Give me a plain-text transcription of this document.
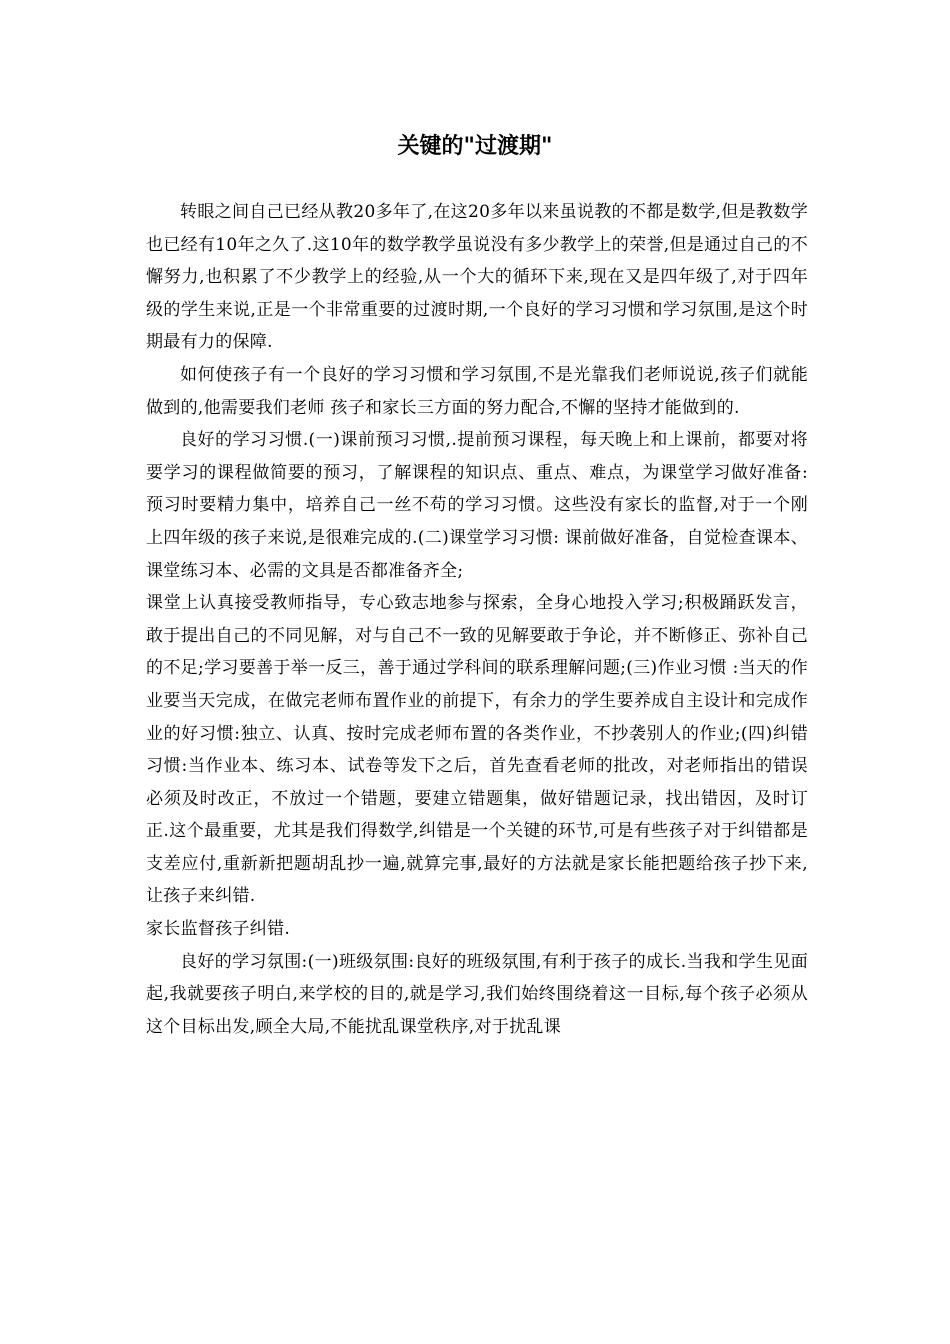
关键的"过渡期"

转眼之间自己已经从教20多年了,在这20多年以来虽说教的不都是数学,但是教数学也已经有10年之久了.这10年的数学教学虽说没有多少教学上的荣誉,但是通过自己的不懈努力,也积累了不少教学上的经验,从一个大的循环下来,现在又是四年级了,对于四年级的学生来说,正是一个非常重要的过渡时期,一个良好的学习习惯和学习氛围,是这个时期最有力的保障.

如何使孩子有一个良好的学习习惯和学习氛围,不是光靠我们老师说说,孩子们就能做到的,他需要我们老师 孩子和家长三方面的努力配合,不懈的坚持才能做到的.

良好的学习习惯.(一)课前预习习惯,.提前预习课程，每天晚上和上课前，都要对将要学习的课程做简要的预习，了解课程的知识点、重点、难点，为课堂学习做好准备:预习时要精力集中，培养自己一丝不苟的学习习惯。这些没有家长的监督,对于一个刚上四年级的孩子来说,是很难完成的.(二)课堂学习习惯: 课前做好准备，自觉检查课本、课堂练习本、必需的文具是否都准备齐全;

课堂上认真接受教师指导，专心致志地参与探索，全身心地投入学习;积极踊跃发言，敢于提出自己的不同见解，对与自己不一致的见解要敢于争论，并不断修正、弥补自己的不足;学习要善于举一反三，善于通过学科间的联系理解问题;(三)作业习惯 :当天的作业要当天完成，在做完老师布置作业的前提下，有余力的学生要养成自主设计和完成作业的好习惯:独立、认真、按时完成老师布置的各类作业，不抄袭别人的作业;(四)纠错习惯:当作业本、练习本、试卷等发下之后，首先查看老师的批改，对老师指出的错误必须及时改正，不放过一个错题，要建立错题集，做好错题记录，找出错因，及时订正.这个最重要，尤其是我们得数学,纠错是一个关键的环节,可是有些孩子对于纠错都是支差应付,重新新把题胡乱抄一遍,就算完事,最好的方法就是家长能把题给孩子抄下来,让孩子来纠错.

家长监督孩子纠错.

良好的学习氛围:(一)班级氛围:良好的班级氛围,有利于孩子的成长.当我和学生见面起,我就要孩子明白,来学校的目的,就是学习,我们始终围绕着这一目标,每个孩子必须从这个目标出发,顾全大局,不能扰乱课堂秩序,对于扰乱课
